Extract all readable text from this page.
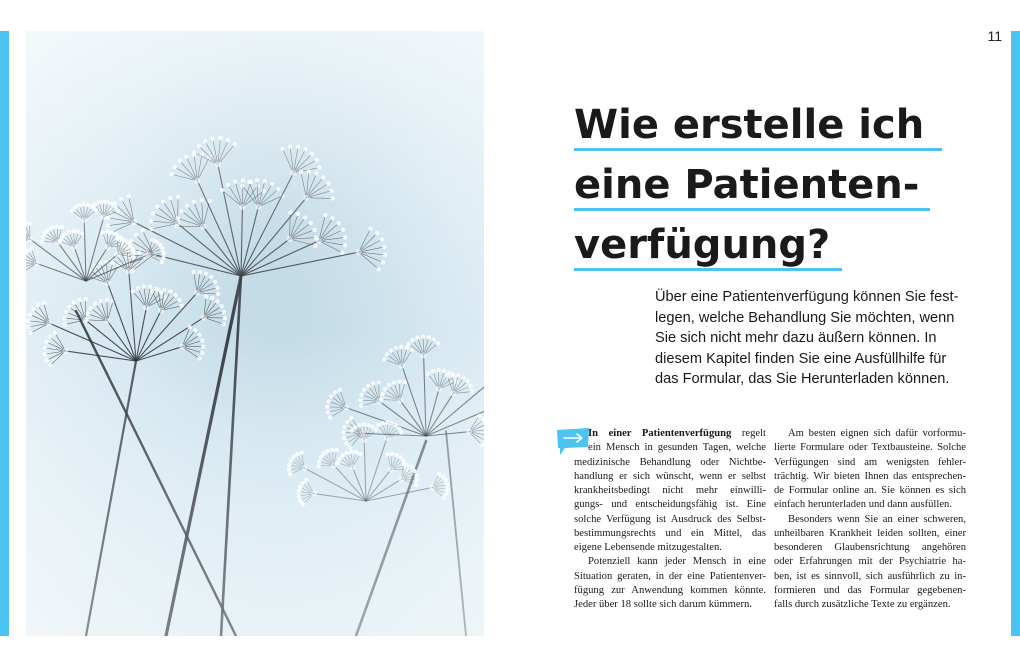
11
Wie erstelle ich
eine Patienten-
verfügung?

Über eine Patientenverfügung können Sie fest-
legen, welche Behandlung Sie möchten, wenn
Sie sich nicht mehr dazu äußern können. In
diesem Kapitel finden Sie eine Ausfüllhilfe für
das Formular, das Sie Herunterladen können.

In einer Patientenverfügung regelt
ein Mensch in gesunden Tagen, welche
medizinische Behandlung oder Nichtbe-
handlung er sich wünscht, wenn er selbst
krankheitsbedingt nicht mehr einwilli-
gungs- und entscheidungsfähig ist. Eine
solche Verfügung ist Ausdruck des Selbst-
bestimmungsrechts und ein Mittel, das
eigene Lebensende mitzugestalten.
Potenziell kann jeder Mensch in eine
Situation geraten, in der eine Patientenver-
fügung zur Anwendung kommen könnte.
Jeder über 18 sollte sich darum kümmern.
Am besten eignen sich dafür vorformu-
lierte Formulare oder Textbausteine. Solche
Verfügungen sind am wenigsten fehler-
trächtig. Wir bieten Ihnen das entsprechen-
de Formular online an. Sie können es sich
einfach herunterladen und dann ausfüllen.
Besonders wenn Sie an einer schweren,
unheilbaren Krankheit leiden sollten, einer
besonderen Glaubensrichtung angehören
oder Erfahrungen mit der Psychiatrie ha-
ben, ist es sinnvoll, sich ausführlich zu in-
formieren und das Formular gegebenen-
falls durch zusätzliche Texte zu ergänzen.
